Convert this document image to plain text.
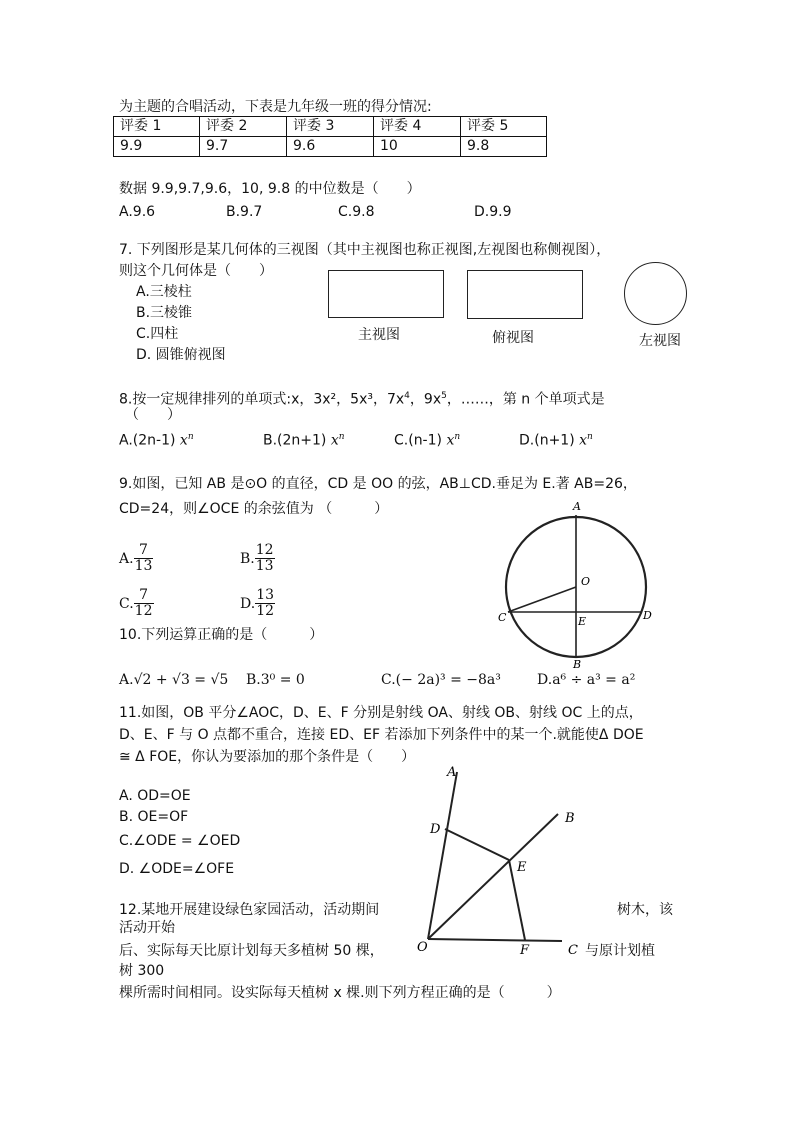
为主题的合唱活动，下表是九年级一班的得分情况:
评委 1	评委 2	评委 3	评委 4	评委 5
9.9	9.7	9.6	10	9.8
数据 9.9,9.7,9.6，10, 9.8 的中位数是（　　）
A.9.6	B.9.7	C.9.8	D.9.9
7. 下列图形是某几何体的三视图（其中主视图也称正视图,左视图也称侧视图），
则这个几何体是（　　）
A.三棱柱
B.三棱锥
C.四柱
D. 圆锥俯视图
主视图	俯视图	左视图
8.按一定规律排列的单项式:x，3x²，5x³，$7x^4$，$9x^5$，……，第 n 个单项式是
（　　）
A.(2n-1) $x^n$	B.(2n+1) $x^n$	C.(n-1) $x^n$	D.(n+1) $x^n$
9.如图，已知 AB 是⊙O 的直径，CD 是 OO 的弦，AB⊥CD.垂足为 E.著 AB=26，
CD=24，则∠OCE 的余弦值为 （　　　）
A. $\frac{7}{13}$	B. $\frac{12}{13}$
C. $\frac{7}{12}$	D. $\frac{13}{12}$
A
O
C	E	D
B
10.下列运算正确的是（　　　）
A.√2 + √3 = √5 B.3⁰ = 0	C.(− 2a)³ = −8a³	D.a⁶ ÷ a³ = a²
11.如图，OB 平分∠AOC，D、E、F 分别是射线 OA、射线 OB、射线 OC 上的点，
D、E、F 与 O 点都不重合，连接 ED、EF 若添加下列条件中的某一个.就能使Δ DOE
≅ Δ FOE，你认为要添加的那个条件是（　　）
A. OD=OE
B. OE=OF
C.∠ODE = ∠OED
D. ∠ODE=∠OFE
12.某地开展建设绿色家园活动，活动期间	树木，该
活动开始
后、实际每天比原计划每天多植树 50 棵，	与原计划植
树 300
棵所需时间相同。设实际每天植树 x 棵.则下列方程正确的是（　　　）
A
B
D
E
O	F	C
